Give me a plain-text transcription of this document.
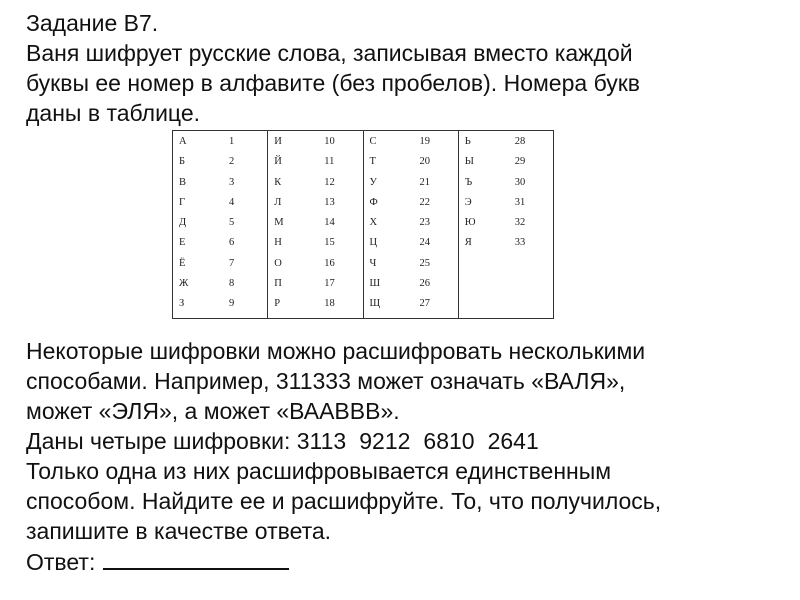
Задание В7.
Ваня шифрует русские слова, записывая вместо каждой
буквы ее номер в алфавите (без пробелов). Номера букв
даны в таблице.
А	1
Б	2
В	3
Г	4
Д	5
Е	6
Ё	7
Ж	8
З	9
И	10
Й	11
К	12
Л	13
М	14
Н	15
О	16
П	17
Р	18
С	19
Т	20
У	21
Ф	22
Х	23
Ц	24
Ч	25
Ш	26
Щ	27
Ь	28
Ы	29
Ъ	30
Э	31
Ю	32
Я	33
Некоторые шифровки можно расшифровать несколькими
способами. Например, 311333 может означать «ВАЛЯ»,
может «ЭЛЯ», а может «ВААВВВ».
Даны четыре шифровки: 3113 9212 6810 2641
Только одна из них расшифровывается единственным
способом. Найдите ее и расшифруйте. То, что получилось,
запишите в качестве ответа.
Ответ:
